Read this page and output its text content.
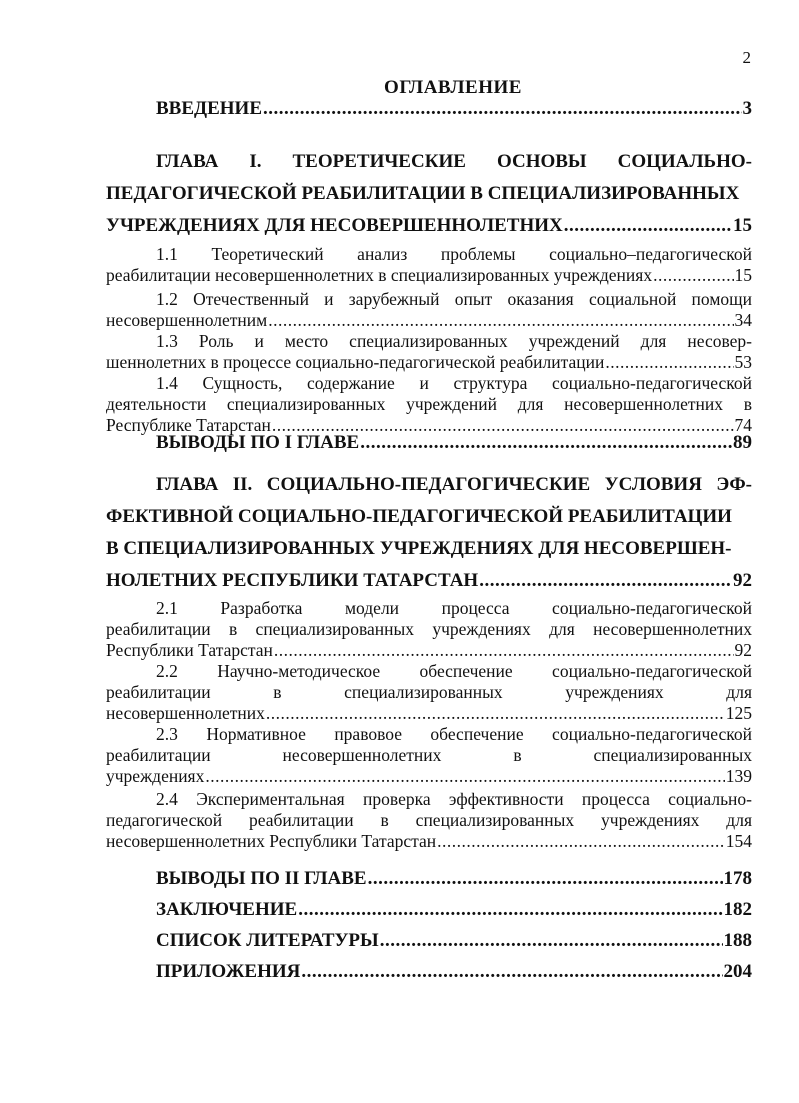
2
ОГЛАВЛЕНИЕ
ВВЕДЕНИЕ .....	3
ГЛАВА I. ТЕОРЕТИЧЕСКИЕ ОСНОВЫ СОЦИАЛЬНО-
ПЕДАГОГИЧЕСКОЙ РЕАБИЛИТАЦИИ В СПЕЦИАЛИЗИРОВАННЫХ
УЧРЕЖДЕНИЯХ ДЛЯ НЕСОВЕРШЕННОЛЕТНИХ .....	15
1.1 Теоретический анализ проблемы социально–педагогической
реабилитации несовершеннолетних в специализированных учреждениях .....	15
1.2 Отечественный и зарубежный опыт оказания социальной помощи
несовершеннолетним .....	34
1.3 Роль и место специализированных учреждений для несовер-
шеннолетних в процессе социально-педагогической реабилитации .....	53
1.4 Сущность, содержание и структура социально-педагогической
деятельности специализированных учреждений для несовершеннолетних в
Республике Татарстан .....	74
ВЫВОДЫ ПО I ГЛАВЕ .....	89
ГЛАВА II. СОЦИАЛЬНО-ПЕДАГОГИЧЕСКИЕ УСЛОВИЯ ЭФ-
ФЕКТИВНОЙ СОЦИАЛЬНО-ПЕДАГОГИЧЕСКОЙ РЕАБИЛИТАЦИИ
В СПЕЦИАЛИЗИРОВАННЫХ УЧРЕЖДЕНИЯХ ДЛЯ НЕСОВЕРШЕН-
НОЛЕТНИХ РЕСПУБЛИКИ ТАТАРСТАН .....	92
2.1 Разработка модели процесса социально-педагогической
реабилитации в специализированных учреждениях для несовершеннолетних
Республики Татарстан .....	92
2.2 Научно-методическое обеспечение социально-педагогической
реабилитации в специализированных учреждениях для
несовершеннолетних .....	125
2.3 Нормативное правовое обеспечение социально-педагогической
реабилитации несовершеннолетних в специализированных
учреждениях .....	139
2.4 Экспериментальная проверка эффективности процесса социально-
педагогической реабилитации в специализированных учреждениях для
несовершеннолетних Республики Татарстан .....	154
ВЫВОДЫ ПО II ГЛАВЕ .....	178
ЗАКЛЮЧЕНИЕ .....	182
СПИСОК ЛИТЕРАТУРЫ .....	188
ПРИЛОЖЕНИЯ .....	204
